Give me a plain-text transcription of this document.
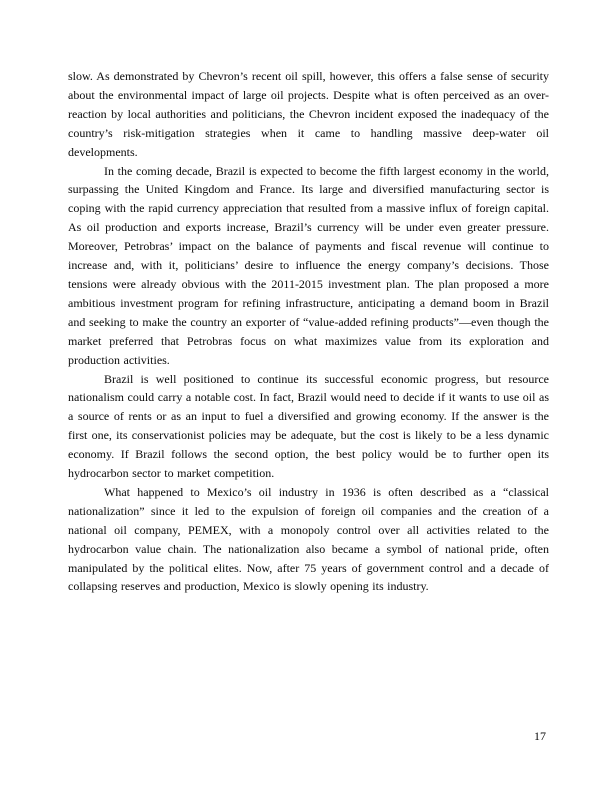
slow. As demonstrated by Chevron’s recent oil spill, however, this offers a false sense of security about the environmental impact of large oil projects. Despite what is often perceived as an over-reaction by local authorities and politicians, the Chevron incident exposed the inadequacy of the country’s risk-mitigation strategies when it came to handling massive deep-water oil developments.

In the coming decade, Brazil is expected to become the fifth largest economy in the world, surpassing the United Kingdom and France. Its large and diversified manufacturing sector is coping with the rapid currency appreciation that resulted from a massive influx of foreign capital. As oil production and exports increase, Brazil’s currency will be under even greater pressure. Moreover, Petrobras’ impact on the balance of payments and fiscal revenue will continue to increase and, with it, politicians’ desire to influence the energy company’s decisions. Those tensions were already obvious with the 2011-2015 investment plan. The plan proposed a more ambitious investment program for refining infrastructure, anticipating a demand boom in Brazil and seeking to make the country an exporter of “value-added refining products”—even though the market preferred that Petrobras focus on what maximizes value from its exploration and production activities.

Brazil is well positioned to continue its successful economic progress, but resource nationalism could carry a notable cost. In fact, Brazil would need to decide if it wants to use oil as a source of rents or as an input to fuel a diversified and growing economy. If the answer is the first one, its conservationist policies may be adequate, but the cost is likely to be a less dynamic economy. If Brazil follows the second option, the best policy would be to further open its hydrocarbon sector to market competition.

What happened to Mexico’s oil industry in 1936 is often described as a “classical nationalization” since it led to the expulsion of foreign oil companies and the creation of a national oil company, PEMEX, with a monopoly control over all activities related to the hydrocarbon value chain. The nationalization also became a symbol of national pride, often manipulated by the political elites. Now, after 75 years of government control and a decade of collapsing reserves and production, Mexico is slowly opening its industry.

17
